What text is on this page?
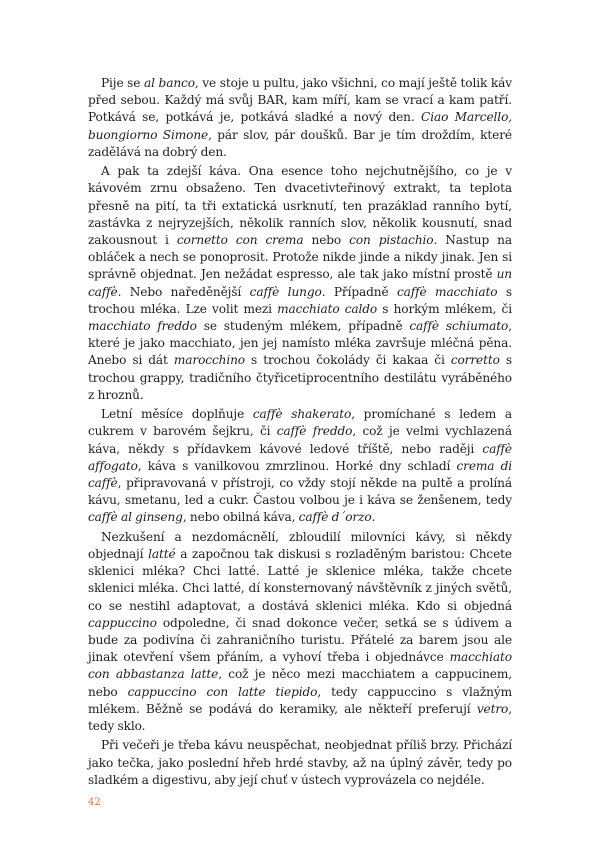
Pije se al banco, ve stoje u pultu, jako všichni, co mají ještě tolik káv před sebou. Každý má svůj BAR, kam míří, kam se vrací a kam patří. Potkává se, potkává je, potkává sladké a nový den. Ciao Marcello, buongiorno Simone, pár slov, pár doušků. Bar je tím droždím, které zadělává na dobrý den.

A pak ta zdejší káva. Ona esence toho nejchutnějšího, co je v kávovém zrnu obsaženo. Ten dvacetivteřinový extrakt, ta teplota přesně na pití, ta tři extatická usrknutí, ten prazáklad ranního bytí, zastávka z nejryzejších, několik ranních slov, několik kousnutí, snad zakousnout i cornetto con crema nebo con pistachio. Nastup na obláček a nech se ponoprosit. Protože nikde jinde a nikdy jinak. Jen si správně objednat. Jen nežádat espresso, ale tak jako místní prostě un caffè. Nebo naředěnější caffè lungo. Případně caffè macchiato s trochou mléka. Lze volit mezi macchiato caldo s horkým mlékem, či macchiato freddo se studeným mlékem, případně caffè schiumato, které je jako macchiato, jen jej namísto mléka završuje mléčná pěna. Anebo si dát marocchino s trochou čokolády či kakaa či corretto s trochou grappy, tradičního čtyřicetiprocentního destilátu vyráběného z hroznů.

Letní měsíce doplňuje caffè shakerato, promíchané s ledem a cukrem v barovém šejkru, či caffè freddo, což je velmi vychlazená káva, někdy s přídavkem kávové ledové tříště, nebo raději caffè affogato, káva s vanilkovou zmrzlinou. Horké dny schladí crema di caffè, připravovaná v přístroji, co vždy stojí někde na pultě a prolíná kávu, smetanu, led a cukr. Častou volbou je i káva se ženšenem, tedy caffè al ginseng, nebo obilná káva, caffè d´orzo.

Nezkušení a nezdomácnělí, zbloudilí milovníci kávy, si někdy objednají latté a započnou tak diskusi s rozladěným baristou: Chcete sklenici mléka? Chci latté. Latté je sklenice mléka, takže chcete sklenici mléka. Chci latté, dí konsternovaný návštěvník z jiných světů, co se nestihl adaptovat, a dostává sklenici mléka. Kdo si objedná cappuccino odpoledne, či snad dokonce večer, setká se s údivem a bude za podivína či zahraničního turistu. Přátelé za barem jsou ale jinak otevření všem přáním, a vyhoví třeba i objednávce macchiato con abbastanza latte, což je něco mezi macchiatem a cappucinem, nebo cappuccino con latte tiepido, tedy cappuccino s vlažným mlékem. Běžně se podává do keramiky, ale někteří preferují vetro, tedy sklo.

Při večeři je třeba kávu neuspěchat, neobjednat příliš brzy. Přichází jako tečka, jako poslední hřeb hrdé stavby, až na úplný závěr, tedy po sladkém a digestivu, aby její chuť v ústech vyprovázela co nejdéle.

42
